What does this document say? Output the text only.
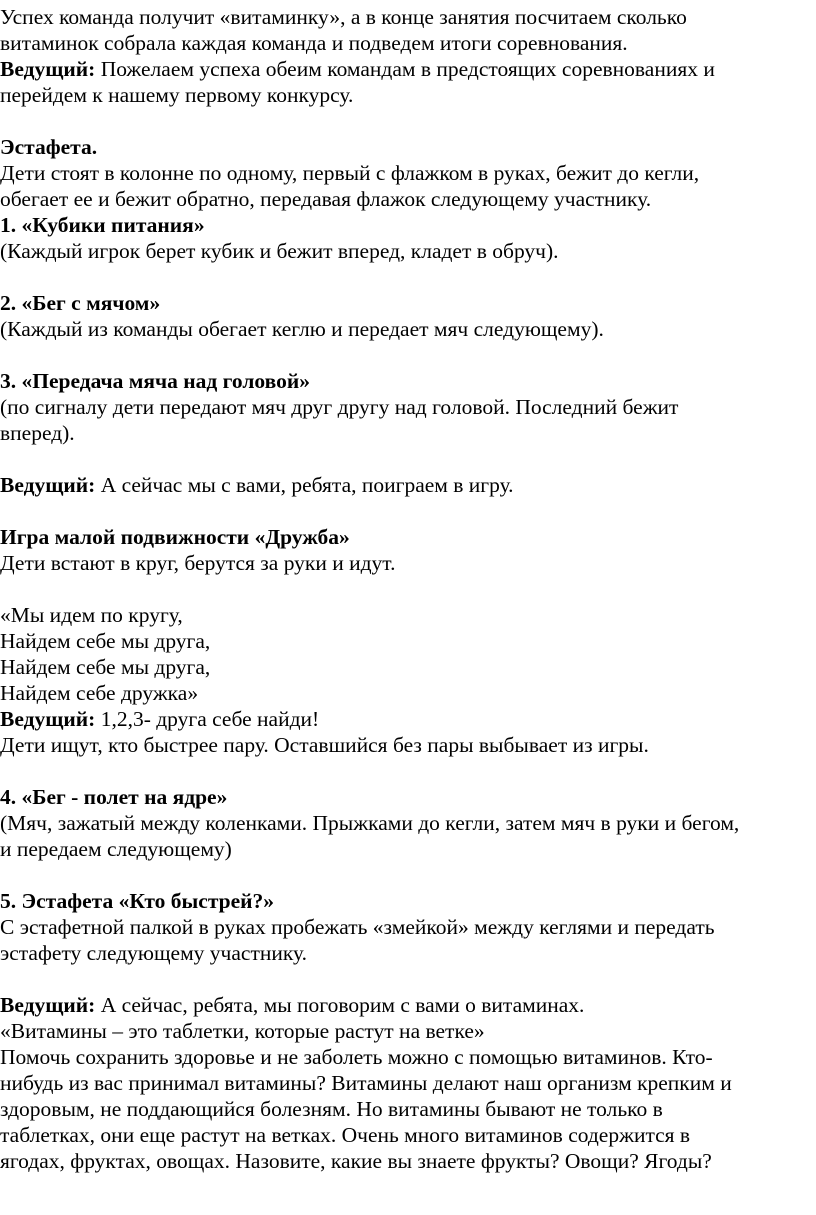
Успех команда получит «витаминку», а в конце занятия посчитаем сколько
витаминок собрала каждая команда и подведем итоги соревнования.
Ведущий: Пожелаем успеха обеим командам в предстоящих соревнованиях и
перейдем к нашему первому конкурсу.
Эстафета.
Дети стоят в колонне по одному, первый с флажком в руках, бежит до кегли,
обегает ее и бежит обратно, передавая флажок следующему участнику.
1. «Кубики питания»
(Каждый игрок берет кубик и бежит вперед, кладет в обруч).
2. «Бег с мячом»
(Каждый из команды обегает кеглю и передает мяч следующему).
3. «Передача мяча над головой»
(по сигналу дети передают мяч друг другу над головой. Последний бежит
вперед).
Ведущий: А сейчас мы с вами, ребята, поиграем в игру.
Игра малой подвижности «Дружба»
Дети встают в круг, берутся за руки и идут.
«Мы идем по кругу,
Найдем себе мы друга,
Найдем себе мы друга,
Найдем себе дружка»
Ведущий: 1,2,3- друга себе найди!
Дети ищут, кто быстрее пару. Оставшийся без пары выбывает из игры.
4. «Бег - полет на ядре»
(Мяч, зажатый между коленками. Прыжками до кегли, затем мяч в руки и бегом,
и передаем следующему)
5. Эстафета «Кто быстрей?»
С эстафетной палкой в руках пробежать «змейкой» между кеглями и передать
эстафету следующему участнику.
Ведущий: А сейчас, ребята, мы поговорим с вами о витаминах.
«Витамины – это таблетки, которые растут на ветке»
Помочь сохранить здоровье и не заболеть можно с помощью витаминов. Кто-
нибудь из вас принимал витамины? Витамины делают наш организм крепким и
здоровым, не поддающийся болезням. Но витамины бывают не только в
таблетках, они еще растут на ветках. Очень много витаминов содержится в
ягодах, фруктах, овощах. Назовите, какие вы знаете фрукты? Овощи? Ягоды?
